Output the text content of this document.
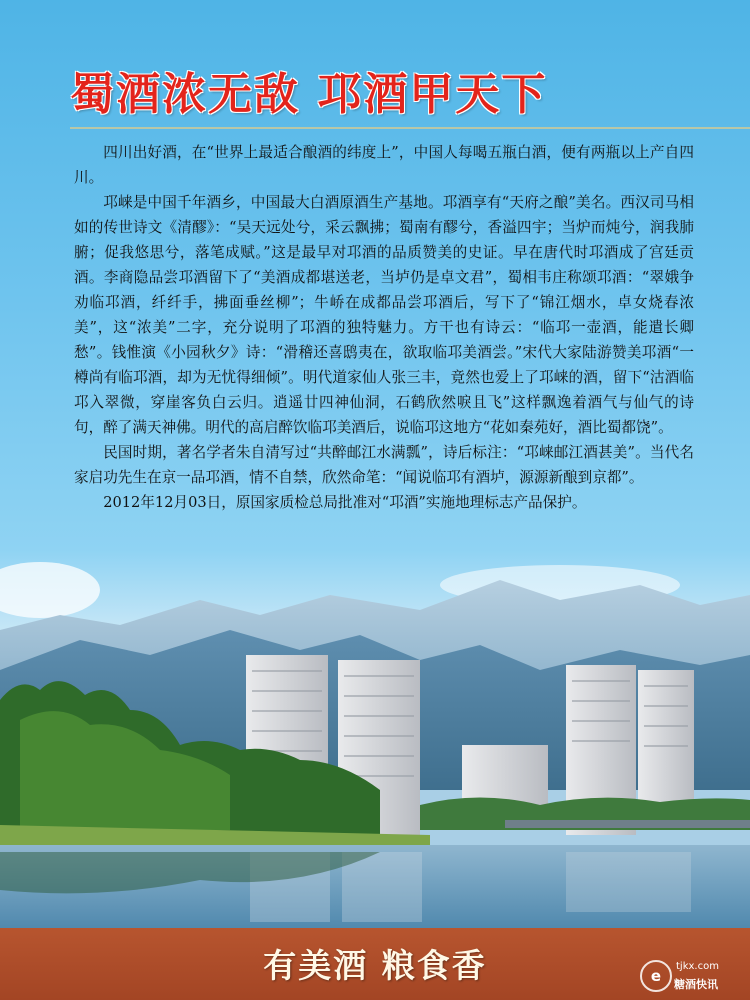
蜀酒浓无敌 邛酒甲天下

四川出好酒，在“世界上最适合酿酒的纬度上”，中国人每喝五瓶白酒，便有两瓶以上产自四川。

邛崃是中国千年酒乡，中国最大白酒原酒生产基地。邛酒享有“天府之酿”美名。西汉司马相如的传世诗文《清醪》：“吴天远处兮，采云飘拂；蜀南有醪兮，香溢四宇；当炉而炖兮，润我肺腑；促我悠思兮，落笔成赋。”这是最早对邛酒的品质赞美的史证。早在唐代时邛酒成了宫廷贡酒。李商隐品尝邛酒留下了“美酒成都堪送老，当垆仍是卓文君”，蜀相韦庄称颂邛酒：“翠娥争劝临邛酒，纤纤手，拂面垂丝柳”；牛峤在成都品尝邛酒后，写下了“锦江烟水，卓女烧春浓美”，这“浓美”二字，充分说明了邛酒的独特魅力。方干也有诗云：“临邛一壶酒，能遣长卿愁”。钱惟演《小园秋夕》诗：“滑稽还喜鸱夷在，欲取临邛美酒尝。”宋代大家陆游赞美邛酒“一樽尚有临邛酒，却为无忧得细倾”。明代道家仙人张三丰，竟然也爱上了邛崃的酒，留下“沽酒临邛入翠微，穿崖客负白云归。逍遥廿四神仙洞，石鹤欣然唳且飞”这样飘逸着酒气与仙气的诗句，醉了满天神佛。明代的高启醉饮临邛美酒后，说临邛这地方“花如秦苑好，酒比蜀都饶”。

民国时期，著名学者朱自清写过“共醉邮江水满瓢”，诗后标注：“邛崃邮江酒甚美”。当代名家启功先生在京一品邛酒，情不自禁，欣然命笔：“闻说临邛有酒垆，源源新酿到京都”。

2012年12月03日，原国家质检总局批准对“邛酒”实施地理标志产品保护。

有美酒 粮食香	e
tjkx.com
糖酒快讯
